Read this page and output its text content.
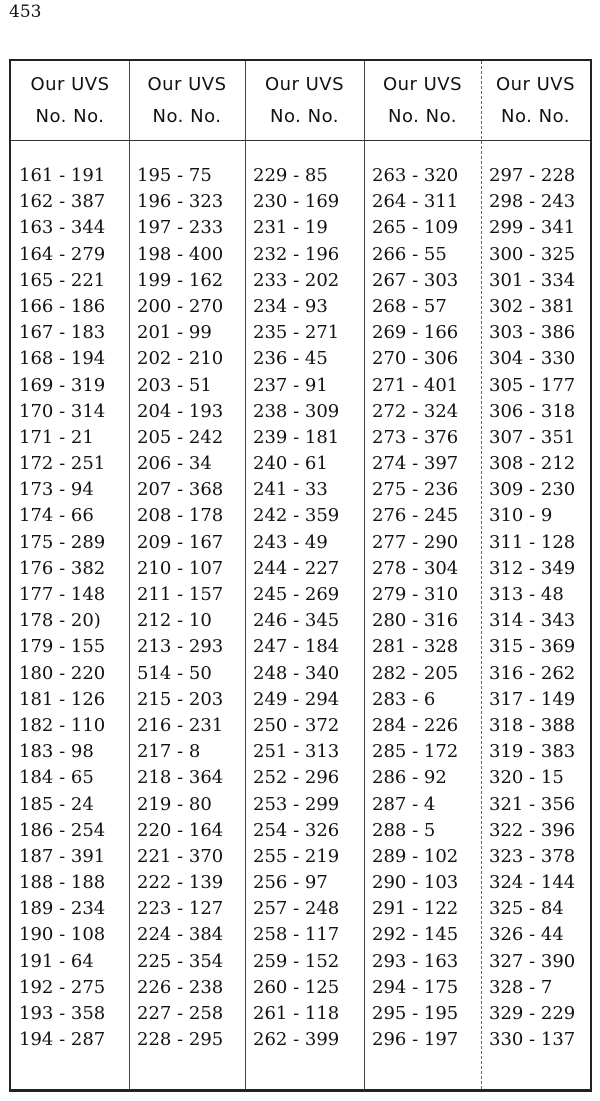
453
Our UVS
No. No.
161 - 191
162 - 387
163 - 344
164 - 279
165 - 221
166 - 186
167 - 183
168 - 194
169 - 319
170 - 314
171 - 21
172 - 251
173 - 94
174 - 66
175 - 289
176 - 382
177 - 148
178 - 20)
179 - 155
180 - 220
181 - 126
182 - 110
183 - 98
184 - 65
185 - 24
186 - 254
187 - 391
188 - 188
189 - 234
190 - 108
191 - 64
192 - 275
193 - 358
194 - 287
Our UVS
No. No.
195 - 75
196 - 323
197 - 233
198 - 400
199 - 162
200 - 270
201 - 99
202 - 210
203 - 51
204 - 193
205 - 242
206 - 34
207 - 368
208 - 178
209 - 167
210 - 107
211 - 157
212 - 10
213 - 293
514 - 50
215 - 203
216 - 231
217 - 8
218 - 364
219 - 80
220 - 164
221 - 370
222 - 139
223 - 127
224 - 384
225 - 354
226 - 238
227 - 258
228 - 295
Our UVS
No. No.
229 - 85
230 - 169
231 - 19
232 - 196
233 - 202
234 - 93
235 - 271
236 - 45
237 - 91
238 - 309
239 - 181
240 - 61
241 - 33
242 - 359
243 - 49
244 - 227
245 - 269
246 - 345
247 - 184
248 - 340
249 - 294
250 - 372
251 - 313
252 - 296
253 - 299
254 - 326
255 - 219
256 - 97
257 - 248
258 - 117
259 - 152
260 - 125
261 - 118
262 - 399
Our UVS
No. No.
263 - 320
264 - 311
265 - 109
266 - 55
267 - 303
268 - 57
269 - 166
270 - 306
271 - 401
272 - 324
273 - 376
274 - 397
275 - 236
276 - 245
277 - 290
278 - 304
279 - 310
280 - 316
281 - 328
282 - 205
283 - 6
284 - 226
285 - 172
286 - 92
287 - 4
288 - 5
289 - 102
290 - 103
291 - 122
292 - 145
293 - 163
294 - 175
295 - 195
296 - 197
Our UVS
No. No.
297 - 228
298 - 243
299 - 341
300 - 325
301 - 334
302 - 381
303 - 386
304 - 330
305 - 177
306 - 318
307 - 351
308 - 212
309 - 230
310 - 9
311 - 128
312 - 349
313 - 48
314 - 343
315 - 369
316 - 262
317 - 149
318 - 388
319 - 383
320 - 15
321 - 356
322 - 396
323 - 378
324 - 144
325 - 84
326 - 44
327 - 390
328 - 7
329 - 229
330 - 137
